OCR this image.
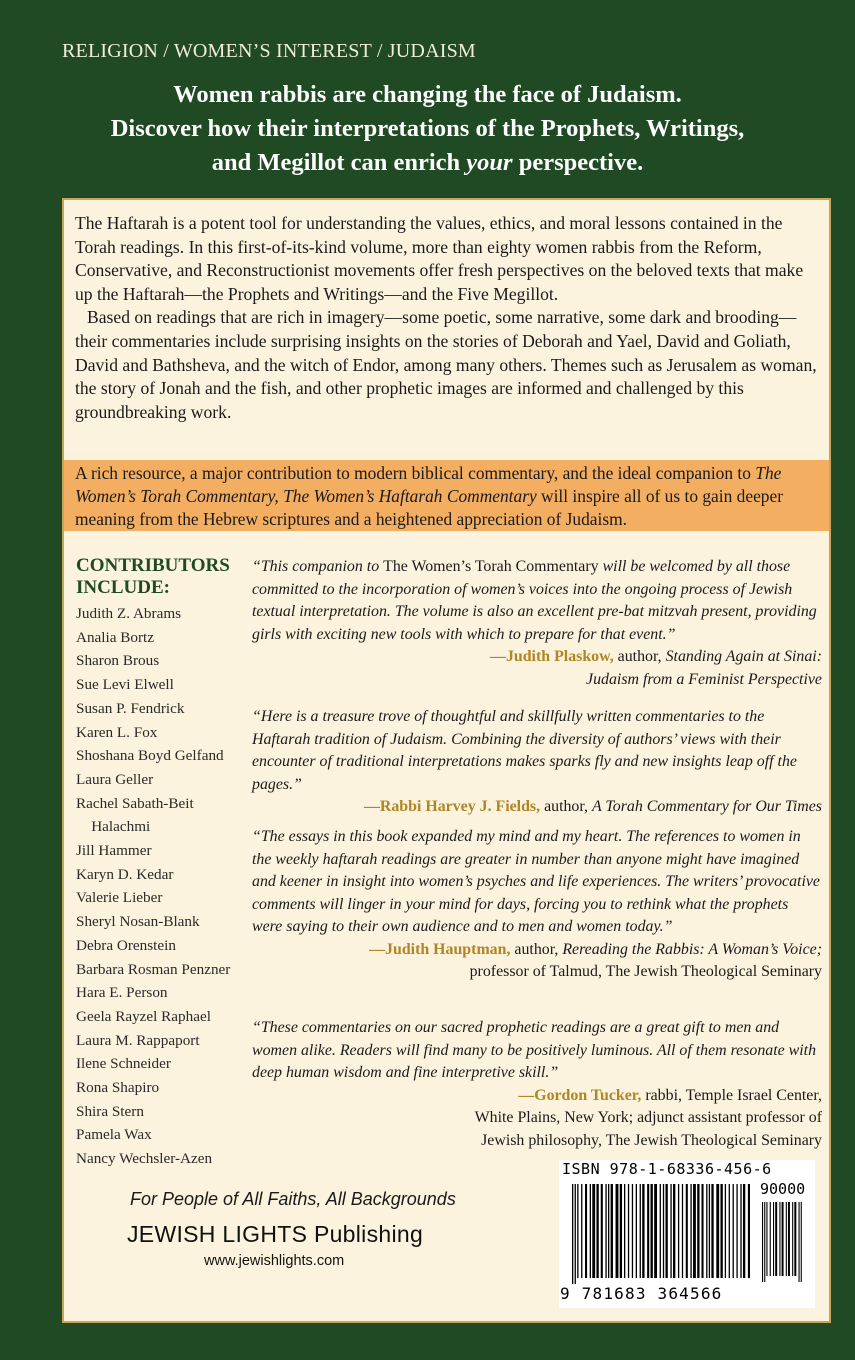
RELIGION / WOMEN’S INTEREST / JUDAISM
Women rabbis are changing the face of Judaism.
Discover how their interpretations of the Prophets, Writings,
and Megillot can enrich your perspective.

The Haftarah is a potent tool for understanding the values, ethics, and moral lessons contained in the Torah readings. In this first-of-its-kind volume, more than eighty women rabbis from the Reform, Conservative, and Reconstructionist movements offer fresh perspectives on the beloved texts that make up the Haftarah—the Prophets and Writings—and the Five Megillot.

Based on readings that are rich in imagery—some poetic, some narrative, some dark and brooding—their commentaries include surprising insights on the stories of Deborah and Yael, David and Goliath, David and Bathsheva, and the witch of Endor, among many others. Themes such as Jerusalem as woman, the story of Jonah and the fish, and other prophetic images are informed and challenged by this groundbreaking work.

A rich resource, a major contribution to modern biblical commentary, and the ideal companion to The Women’s Torah Commentary, The Women’s Haftarah Commentary will inspire all of us to gain deeper meaning from the Hebrew scriptures and a heightened appreciation of Judaism.
CONTRIBUTORS
INCLUDE:
Judith Z. Abrams
Analia Bortz
Sharon Brous
Sue Levi Elwell
Susan P. Fendrick
Karen L. Fox
Shoshana Boyd Gelfand
Laura Geller
Rachel Sabath-Beit
 Halachmi
Jill Hammer
Karyn D. Kedar
Valerie Lieber
Sheryl Nosan-Blank
Debra Orenstein
Barbara Rosman Penzner
Hara E. Person
Geela Rayzel Raphael
Laura M. Rappaport
Ilene Schneider
Rona Shapiro
Shira Stern
Pamela Wax
Nancy Wechsler-Azen
“This companion to The Women’s Torah Commentary will be welcomed by all those committed to the incorporation of women’s voices into the ongoing process of Jewish textual interpretation. The volume is also an excellent pre-bat mitzvah present, providing girls with exciting new tools with which to prepare for that event.”
—Judith Plaskow, author, Standing Again at Sinai:
Judaism from a Feminist Perspective
“Here is a treasure trove of thoughtful and skillfully written commentaries to the Haftarah tradition of Judaism. Combining the diversity of authors’ views with their encounter of traditional interpretations makes sparks fly and new insights leap off the pages.”
—Rabbi Harvey J. Fields, author, A Torah Commentary for Our Times
“The essays in this book expanded my mind and my heart. The references to women in the weekly haftarah readings are greater in number than anyone might have imagined and keener in insight into women’s psyches and life experiences. The writers’ provocative comments will linger in your mind for days, forcing you to rethink what the prophets were saying to their own audience and to men and women today.”
—Judith Hauptman, author, Rereading the Rabbis: A Woman’s Voice;
professor of Talmud, The Jewish Theological Seminary
“These commentaries on our sacred prophetic readings are a great gift to men and women alike. Readers will find many to be positively luminous. All of them resonate with deep human wisdom and fine interpretive skill.”
—Gordon Tucker, rabbi, Temple Israel Center,
White Plains, New York; adjunct assistant professor of
Jewish philosophy, The Jewish Theological Seminary
For People of All Faiths, All Backgrounds
JEWISH LIGHTS Publishing
www.jewishlights.com
ISBN 978-1-68336-456-6
90000
9 781683 364566
